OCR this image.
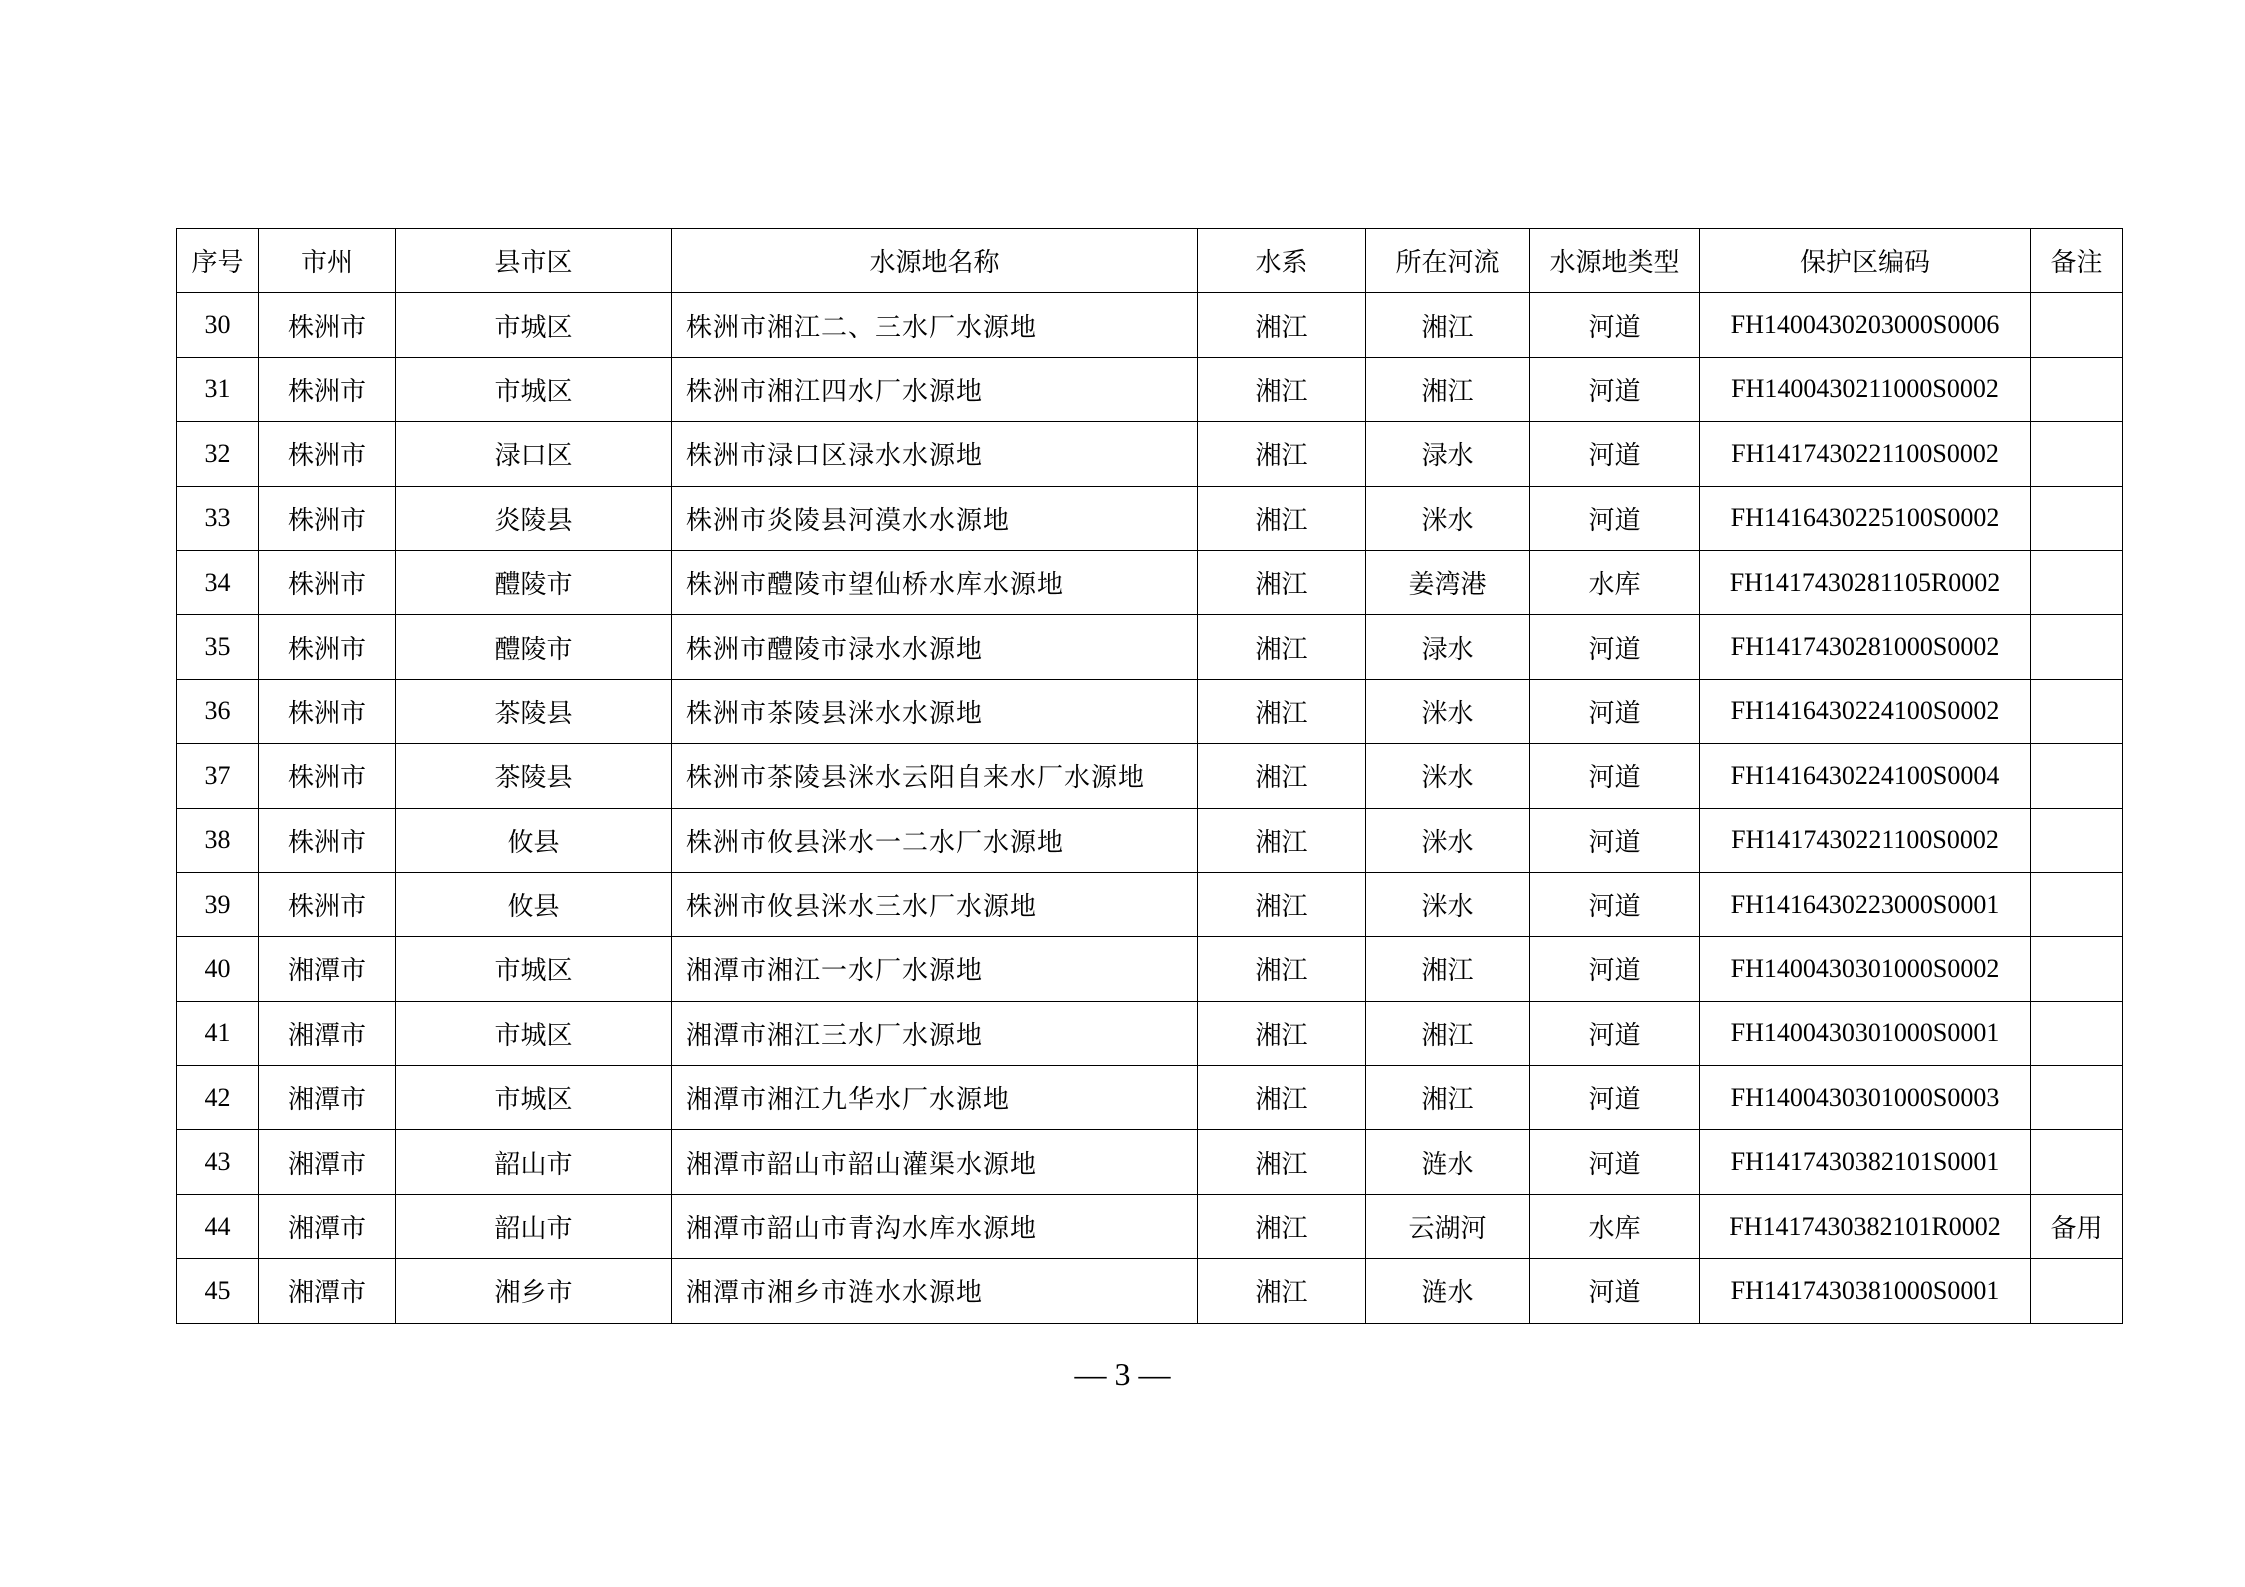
序号	市州	县市区	水源地名称	水系	所在河流	水源地类型	保护区编码	备注
30	株洲市	市城区	株洲市湘江二、三水厂水源地	湘江	湘江	河道	FH1400430203000S0006	
31	株洲市	市城区	株洲市湘江四水厂水源地	湘江	湘江	河道	FH1400430211000S0002	
32	株洲市	渌口区	株洲市渌口区渌水水源地	湘江	渌水	河道	FH1417430221100S0002	
33	株洲市	炎陵县	株洲市炎陵县河漠水水源地	湘江	洣水	河道	FH1416430225100S0002	
34	株洲市	醴陵市	株洲市醴陵市望仙桥水库水源地	湘江	姜湾港	水库	FH1417430281105R0002	
35	株洲市	醴陵市	株洲市醴陵市渌水水源地	湘江	渌水	河道	FH1417430281000S0002	
36	株洲市	茶陵县	株洲市茶陵县洣水水源地	湘江	洣水	河道	FH1416430224100S0002	
37	株洲市	茶陵县	株洲市茶陵县洣水云阳自来水厂水源地	湘江	洣水	河道	FH1416430224100S0004	
38	株洲市	攸县	株洲市攸县洣水一二水厂水源地	湘江	洣水	河道	FH1417430221100S0002	
39	株洲市	攸县	株洲市攸县洣水三水厂水源地	湘江	洣水	河道	FH1416430223000S0001	
40	湘潭市	市城区	湘潭市湘江一水厂水源地	湘江	湘江	河道	FH1400430301000S0002	
41	湘潭市	市城区	湘潭市湘江三水厂水源地	湘江	湘江	河道	FH1400430301000S0001	
42	湘潭市	市城区	湘潭市湘江九华水厂水源地	湘江	湘江	河道	FH1400430301000S0003	
43	湘潭市	韶山市	湘潭市韶山市韶山灌渠水源地	湘江	涟水	河道	FH1417430382101S0001	
44	湘潭市	韶山市	湘潭市韶山市青沟水库水源地	湘江	云湖河	水库	FH1417430382101R0002	备用
45	湘潭市	湘乡市	湘潭市湘乡市涟水水源地	湘江	涟水	河道	FH1417430381000S0001	
— 3 —
